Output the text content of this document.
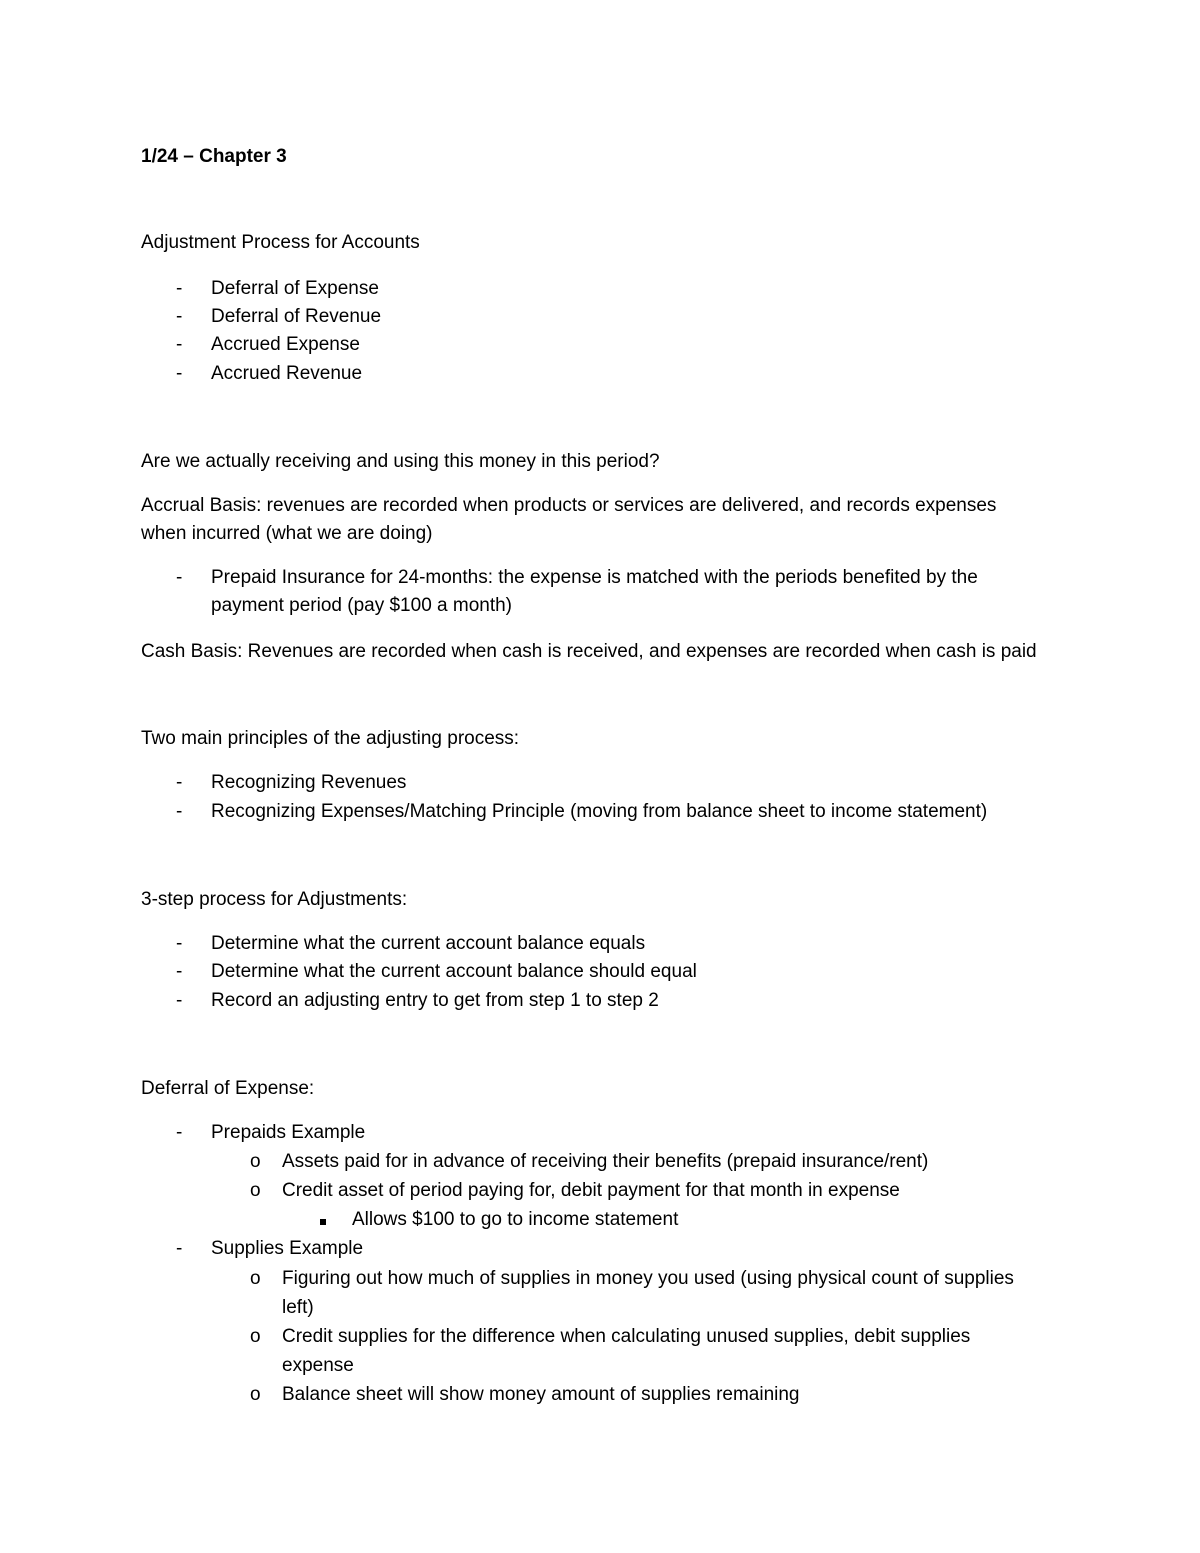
1/24 – Chapter 3
Adjustment Process for Accounts
- Deferral of Expense
- Deferral of Revenue
- Accrued Expense
- Accrued Revenue
Are we actually receiving and using this money in this period?
Accrual Basis: revenues are recorded when products or services are delivered, and records expenses
when incurred (what we are doing)
- Prepaid Insurance for 24-months: the expense is matched with the periods benefited by the
payment period (pay $100 a month)
Cash Basis: Revenues are recorded when cash is received, and expenses are recorded when cash is paid
Two main principles of the adjusting process:
- Recognizing Revenues
- Recognizing Expenses/Matching Principle (moving from balance sheet to income statement)
3-step process for Adjustments:
- Determine what the current account balance equals
- Determine what the current account balance should equal
- Record an adjusting entry to get from step 1 to step 2
Deferral of Expense:
- Prepaids Example
o Assets paid for in advance of receiving their benefits (prepaid insurance/rent)
o Credit asset of period paying for, debit payment for that month in expense
Allows $100 to go to income statement
- Supplies Example
o Figuring out how much of supplies in money you used (using physical count of supplies
left)
o Credit supplies for the difference when calculating unused supplies, debit supplies
expense
o Balance sheet will show money amount of supplies remaining
